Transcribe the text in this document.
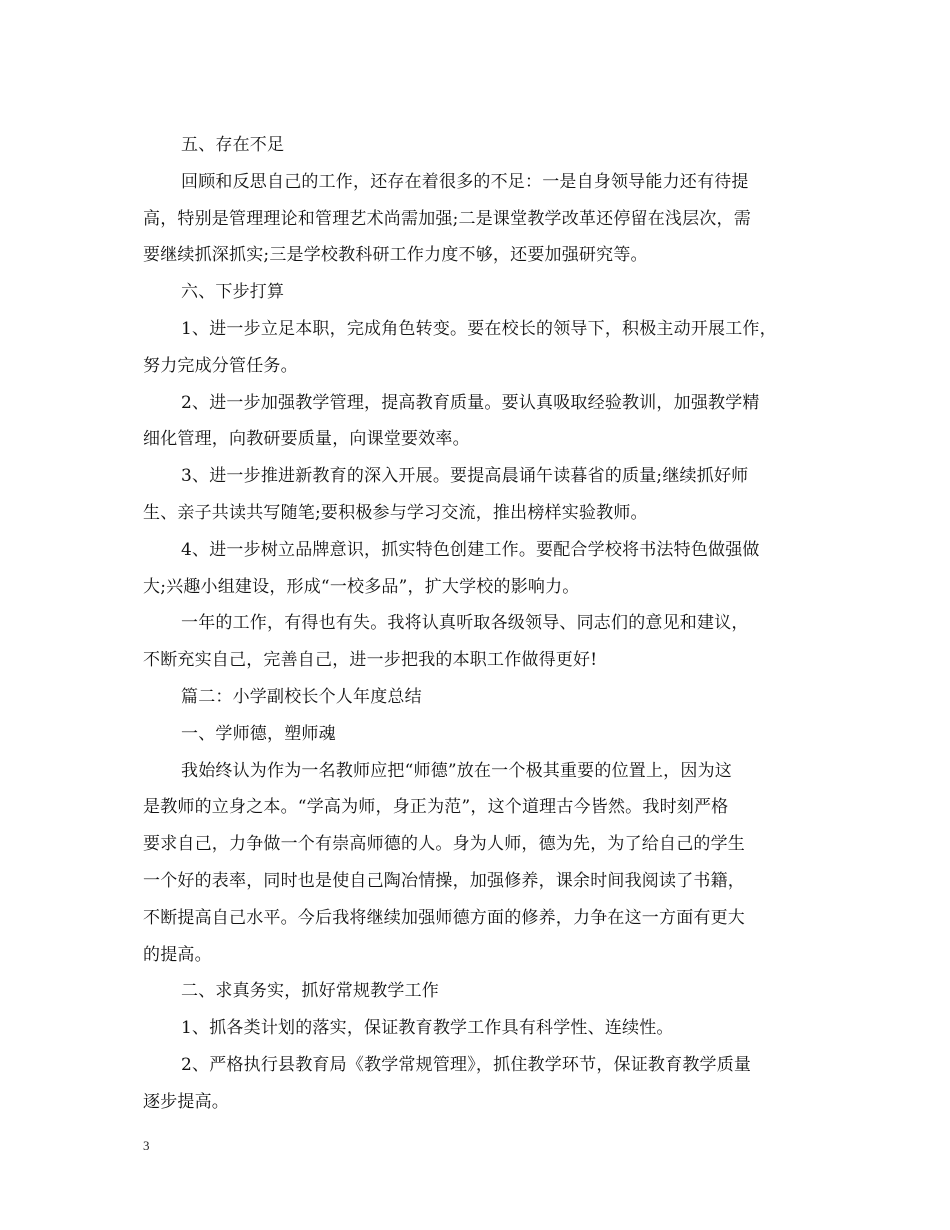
五、存在不足
回顾和反思自己的工作，还存在着很多的不足：一是自身领导能力还有待提
高，特别是管理理论和管理艺术尚需加强;二是课堂教学改革还停留在浅层次，需
要继续抓深抓实;三是学校教科研工作力度不够，还要加强研究等。
六、下步打算
1、进一步立足本职，完成角色转变。要在校长的领导下，积极主动开展工作，
努力完成分管任务。
2、进一步加强教学管理，提高教育质量。要认真吸取经验教训，加强教学精
细化管理，向教研要质量，向课堂要效率。
3、进一步推进新教育的深入开展。要提高晨诵午读暮省的质量;继续抓好师
生、亲子共读共写随笔;要积极参与学习交流，推出榜样实验教师。
4、进一步树立品牌意识，抓实特色创建工作。要配合学校将书法特色做强做
大;兴趣小组建设，形成“一校多品”，扩大学校的影响力。
一年的工作，有得也有失。我将认真听取各级领导、同志们的意见和建议，
不断充实自己，完善自己，进一步把我的本职工作做得更好!
篇二：小学副校长个人年度总结
一、学师德，塑师魂
我始终认为作为一名教师应把“师德”放在一个极其重要的位置上，因为这
是教师的立身之本。“学高为师，身正为范”，这个道理古今皆然。我时刻严格
要求自己，力争做一个有崇高师德的人。身为人师，德为先，为了给自己的学生
一个好的表率，同时也是使自己陶冶情操，加强修养，课余时间我阅读了书籍，
不断提高自己水平。今后我将继续加强师德方面的修养，力争在这一方面有更大
的提高。
二、求真务实，抓好常规教学工作
1、抓各类计划的落实，保证教育教学工作具有科学性、连续性。
2、严格执行县教育局《教学常规管理》，抓住教学环节，保证教育教学质量
逐步提高。
3
